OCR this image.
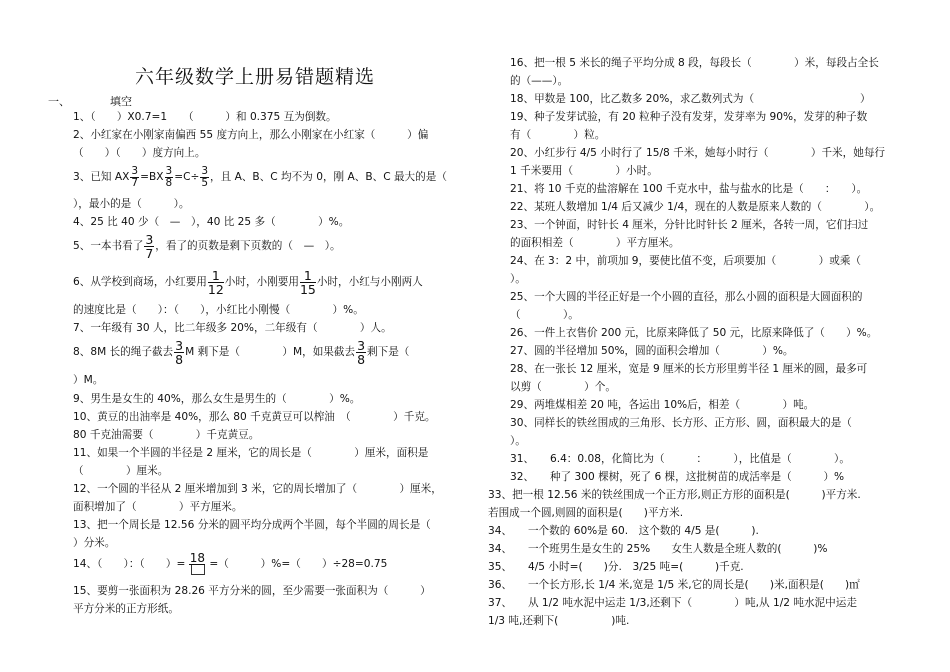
六年级数学上册易错题精选
一、	填空
1、（　　）X0.7=1　　（　　　）和 0.375 互为倒数。
2、小红家在小刚家南偏西 55 度方向上，那么小刚家在小红家（　　　）偏
（　　）（　　）度方向上。
3、已知 AX $\frac{3}{7} =BX \frac{3}{8} =C\div \frac{3}{5}$ ，且 A、B、C 均不为 0，刚 A、B、C 最大的是（
），最小的是（　　　）。
4、25 比 40 少（　—　），40 比 25 多（　　　　）%。
5、一本书看了 $\frac{3}{7}$ ，看了的页数是剩下页数的（　—　）。
6、从学校到商场，小红要用 $\frac{1}{12}$ 小时，小刚要用 $\frac{1}{15}$ 小时，小红与小刚两人
的速度比是（　　）：（　　），小红比小刚慢（　　　　）%。
7、一年级有 30 人，比二年级多 20%，二年级有（　　　　）人。
8、8M 长的绳子截去 $\frac{3}{8}$ M 剩下是（　　　　）M，如果截去 $\frac{3}{8}$ 剩下是（
）M。
9、男生是女生的 40%，那么女生是男生的（　　　　）%。
10、黄豆的出油率是 40%，那么 80 千克黄豆可以榨油　（　　　　）千克。
80 千克油需要（　　　　）千克黄豆。
11、如果一个半圆的半径是 2 厘米，它的周长是（　　　　）厘米，面积是
（　　　　）厘米。
12、一个圆的半径从 2 厘米增加到 3 米，它的周长增加了（　　　　）厘米，
面积增加了（　　　　）平方厘米。
13、把一个周长是 12.56 分米的圆平均分成两个半圆，每个半圆的周长是（
）分米。
14、（　　）：（　　）= 18 =（　　　）%=（　　）÷28=0.75
15、要剪一张面积为 28.26 平方分米的圆，至少需要一张面积为（　　　）
平方分米的正方形纸。
16、把一根 5 米长的绳子平均分成 8 段，每段长（　　　　）米，每段占全长
的（——）。
18、甲数是 100，比乙数多 20%，求乙数列式为（　　　　　　　　　　）
19、种子发芽试验，有 20 粒种子没有发芽，发芽率为 90%，发芽的种子数
有（　　　　）粒。
20、小红步行 4/5 小时行了 15/8 千米，她每小时行（　　　　）千米，她每行
1 千米要用（　　　　）小时。
21、将 10 千克的盐溶解在 100 千克水中，盐与盐水的比是（　　：　　）。
22、某班人数增加 1/4 后又减少 1/4，现在的人数是原来人数的（　　　　）。
23、一个钟面，时针长 4 厘米，分针比时针长 2 厘米，各转一周，它们扫过
的面积相差（　　　　）平方厘米。
24、在 3：2 中，前项加 9，要使比值不变，后项要加（　　　　）或乘（
）。
25、一个大圆的半径正好是一个小圆的直径，那么小圆的面积是大圆面积的
（　　　　）。
26、一件上衣售价 200 元，比原来降低了 50 元，比原来降低了（　　）%。
27、圆的半径增加 50%，圆的面积会增加（　　　　）%。
28、在一张长 12 厘米，宽是 9 厘米的长方形里剪半径 1 厘米的圆，最多可
以剪（　　　　）个。
29、两堆煤相差 20 吨，各运出 10%后，相差（　　　　）吨。
30、同样长的铁丝围成的三角形、长方形、正方形、圆，面积最大的是（
）。
31、　　6.4：0.08，化简比为（　　　：　　　），比值是（　　　　）。
32、　　种了 300 棵树，死了 6 棵，这批树苗的成活率是（　　　）%
33、把一根 12.56 米的铁丝围成一个正方形,则正方形的面积是(　　　)平方米.
若围成一个圆,则圆的面积是(　　)平方米.
34、　　一个数的 60%是 60.　这个数的 4/5 是(　　　).
34、　　一个班男生是女生的 25%　　女生人数是全班人数的(　　　)%
35、　　4/5 小时=(　　)分.　3/25 吨=(　　　)千克.
36、　　一个长方形,长 1/4 米,宽是 1/5 米,它的周长是(　　)米,面积是(　　)㎡
37、　　从 1/2 吨水泥中运走 1/3,还剩下（　　　　）吨,从 1/2 吨水泥中运走
1/3 吨,还剩下(　　　　　)吨.
